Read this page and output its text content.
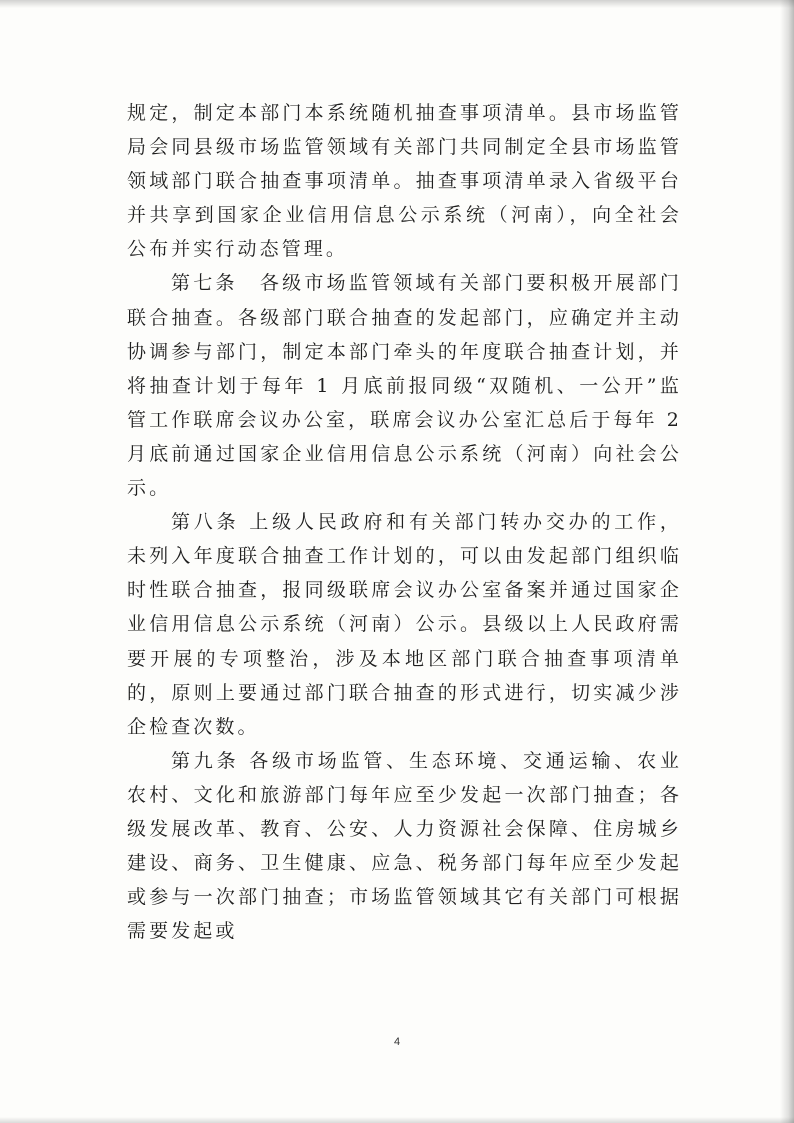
规定，制定本部门本系统随机抽查事项清单。县市场监管局会同县级市场监管领域有关部门共同制定全县市场监管领域部门联合抽查事项清单。抽查事项清单录入省级平台并共享到国家企业信用信息公示系统（河南），向全社会公布并实行动态管理。

第七条　各级市场监管领域有关部门要积极开展部门联合抽查。各级部门联合抽查的发起部门，应确定并主动协调参与部门，制定本部门牵头的年度联合抽查计划，并将抽查计划于每年 1 月底前报同级“双随机、一公开”监管工作联席会议办公室，联席会议办公室汇总后于每年 2 月底前通过国家企业信用信息公示系统（河南）向社会公示。

第八条 上级人民政府和有关部门转办交办的工作，未列入年度联合抽查工作计划的，可以由发起部门组织临时性联合抽查，报同级联席会议办公室备案并通过国家企业信用信息公示系统（河南）公示。县级以上人民政府需要开展的专项整治，涉及本地区部门联合抽查事项清单的，原则上要通过部门联合抽查的形式进行，切实减少涉企检查次数。

第九条 各级市场监管、生态环境、交通运输、农业农村、文化和旅游部门每年应至少发起一次部门抽查；各级发展改革、教育、公安、人力资源社会保障、住房城乡建设、商务、卫生健康、应急、税务部门每年应至少发起或参与一次部门抽查；市场监管领域其它有关部门可根据需要发起或

4
